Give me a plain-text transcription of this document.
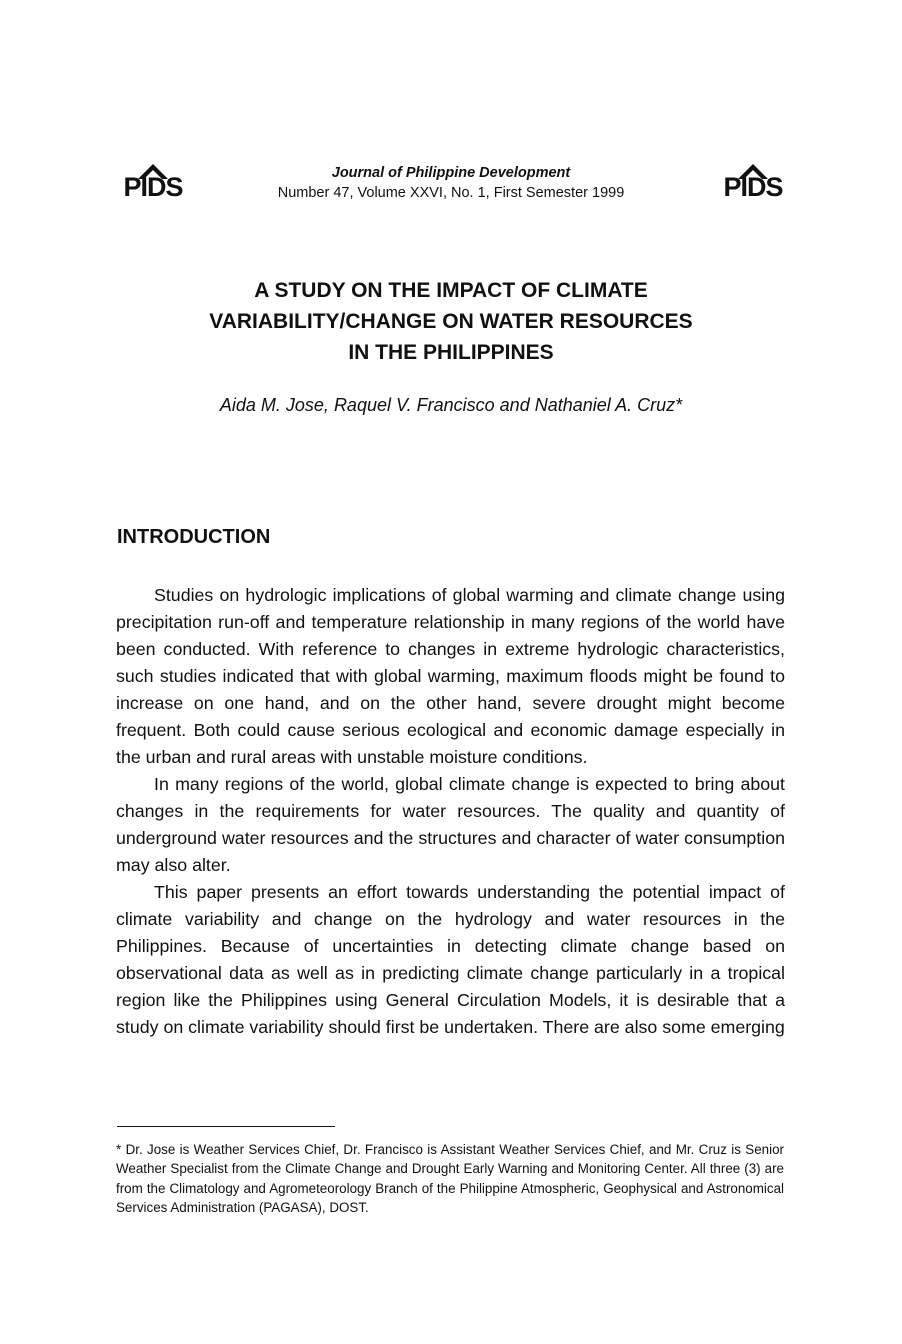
PIDS	Journal of Philippine Development
Number 47, Volume XXVI, No. 1, First Semester 1999	PIDS
A STUDY ON THE IMPACT OF CLIMATE
VARIABILITY/CHANGE ON WATER RESOURCES
IN THE PHILIPPINES
Aida M. Jose, Raquel V. Francisco and Nathaniel A. Cruz*
INTRODUCTION

Studies on hydrologic implications of global warming and climate change using precipitation run-off and temperature relationship in many regions of the world have been conducted. With reference to changes in extreme hydrologic characteristics, such studies indicated that with global warming, maximum floods might be found to increase on one hand, and on the other hand, severe drought might become frequent. Both could cause serious ecological and economic damage especially in the urban and rural areas with unstable moisture conditions.

In many regions of the world, global climate change is expected to bring about changes in the requirements for water resources. The quality and quantity of underground water resources and the structures and character of water consumption may also alter.

This paper presents an effort towards understanding the potential impact of climate variability and change on the hydrology and water resources in the Philippines. Because of uncertainties in detecting climate change based on observational data as well as in predicting climate change particularly in a tropical region like the Philippines using General Circulation Models, it is desirable that a study on climate variability should first be undertaken. There are also some emerging

* Dr. Jose is Weather Services Chief, Dr. Francisco is Assistant Weather Services Chief, and Mr. Cruz is Senior Weather Specialist from the Climate Change and Drought Early Warning and Monitoring Center. All three (3) are from the Climatology and Agrometeorology Branch of the Philippine Atmospheric, Geophysical and Astronomical Services Administration (PAGASA), DOST.
